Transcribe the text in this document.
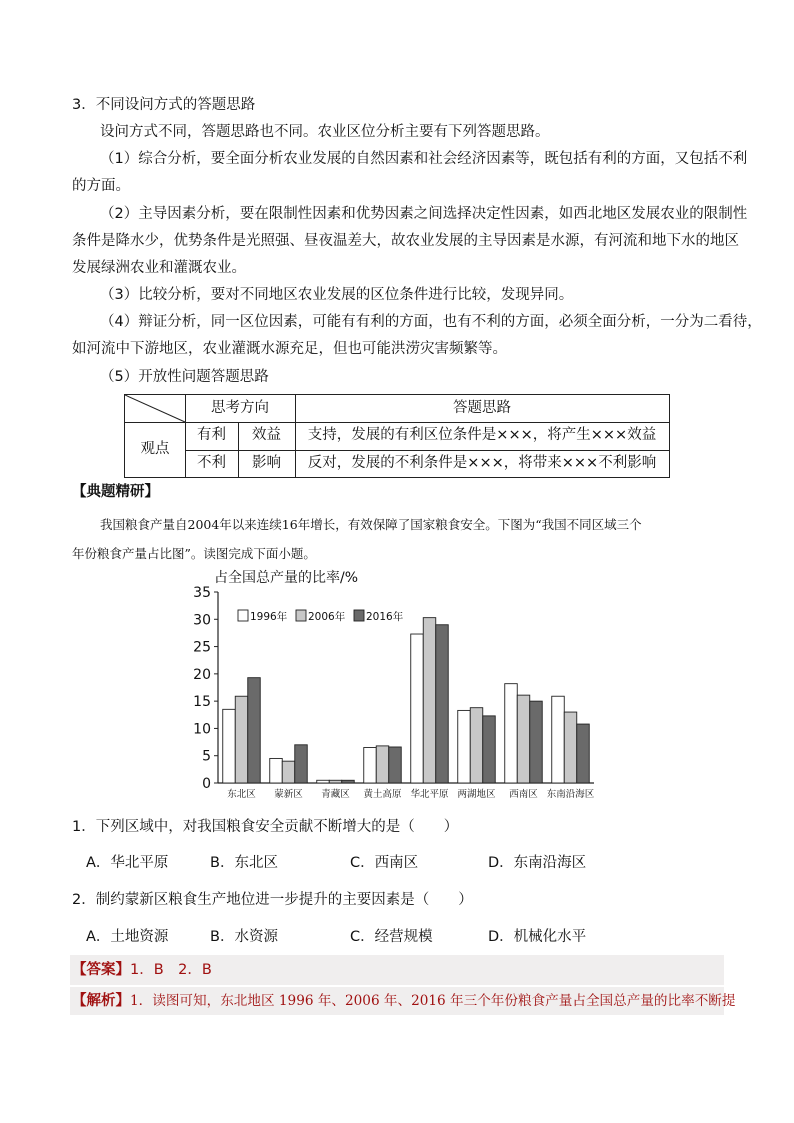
3．不同设问方式的答题思路
设问方式不同，答题思路也不同。农业区位分析主要有下列答题思路。
（1）综合分析，要全面分析农业发展的自然因素和社会经济因素等，既包括有利的方面，又包括不利
的方面。
（2）主导因素分析，要在限制性因素和优势因素之间选择决定性因素，如西北地区发展农业的限制性
条件是降水少，优势条件是光照强、昼夜温差大，故农业发展的主导因素是水源，有河流和地下水的地区
发展绿洲农业和灌溉农业。
（3）比较分析，要对不同地区农业发展的区位条件进行比较，发现异同。
（4）辩证分析，同一区位因素，可能有有利的方面，也有不利的方面，必须全面分析，一分为二看待，
如河流中下游地区，农业灌溉水源充足，但也可能洪涝灾害频繁等。
（5）开放性问题答题思路
思考方向	答题思路
观点
有利	效益	支持，发展的有利区位条件是×××，将产生×××效益
不利	影响	反对，发展的不利条件是×××，将带来×××不利影响
【典题精研】
我国粮食产量自2004年以来连续16年增长，有效保障了国家粮食安全。下图为“我国不同区域三个
年份粮食产量占比图”。读图完成下面小题。
占全国总产量的比率/%
0
5
10
15
20
25
30
35
东北区 蒙新区 青藏区 黄土高原 华北平原 两湖地区 西南区 东南沿海区
1996年 2006年 2016年
1．下列区域中，对我国粮食安全贡献不断增大的是（　　）
A．华北平原	B．东北区	C．西南区	D．东南沿海区
2．制约蒙新区粮食生产地位进一步提升的主要因素是（　　）
A．土地资源	B．水资源	C．经营规模	D．机械化水平
【答案】 1．B　2．B
【解析】 1．读图可知，东北地区 1996 年、2006 年、2016 年三个年份粮食产量占全国总产量的比率不断提
